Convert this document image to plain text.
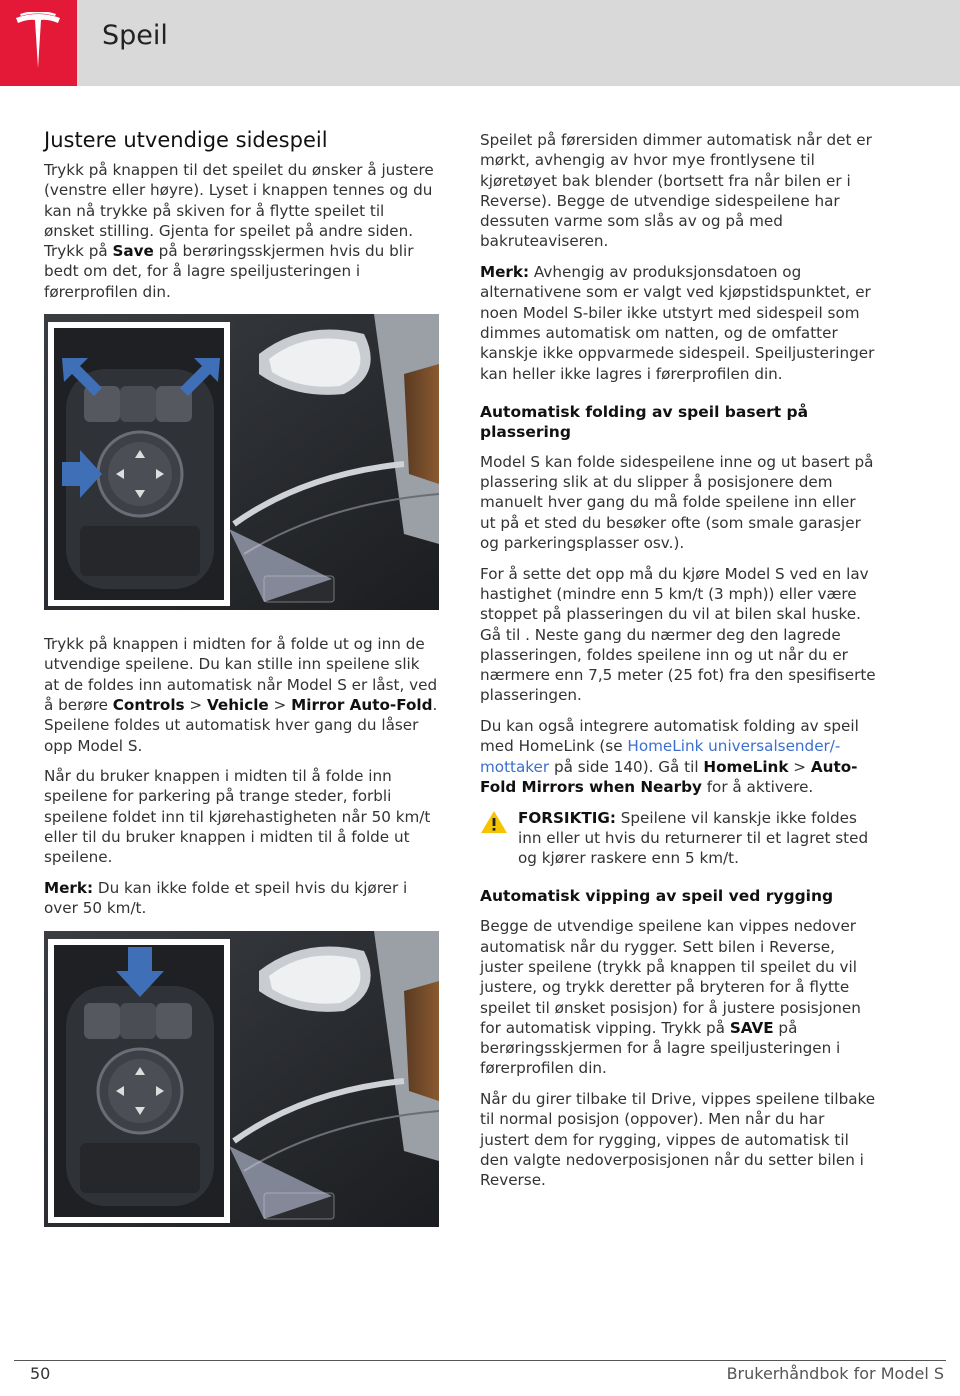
Speil
Justere utvendige sidespeil

Trykk på knappen til det speilet du ønsker å justere (venstre eller høyre). Lyset i knappen tennes og du kan nå trykke på skiven for å flytte speilet til ønsket stilling. Gjenta for speilet på andre siden. Trykk på Save på berøringsskjermen hvis du blir bedt om det, for å lagre speiljusteringen i førerprofilen din.

Trykk på knappen i midten for å folde ut og inn de utvendige speilene. Du kan stille inn speilene slik at de foldes inn automatisk når Model S er låst, ved å berøre Controls > Vehicle > Mirror Auto-Fold. Speilene foldes ut automatisk hver gang du låser opp Model S.

Når du bruker knappen i midten til å folde inn speilene for parkering på trange steder, forbli speilene foldet inn til kjørehastigheten når 50 km/t eller til du bruker knappen i midten til å folde ut speilene.

Merk: Du kan ikke folde et speil hvis du kjører i over 50 km/t.

Speilet på førersiden dimmer automatisk når det er mørkt, avhengig av hvor mye frontlysene til kjøretøyet bak blender (bortsett fra når bilen er i Reverse). Begge de utvendige sidespeilene har dessuten varme som slås av og på med bakruteaviseren.

Merk: Avhengig av produksjonsdatoen og alternativene som er valgt ved kjøpstidspunktet, er noen Model S-biler ikke utstyrt med sidespeil som dimmes automatisk om natten, og de omfatter kanskje ikke oppvarmede sidespeil. Speiljusteringer kan heller ikke lagres i førerprofilen din.

Automatisk folding av speil basert på plassering

Model S kan folde sidespeilene inne og ut basert på plassering slik at du slipper å posisjonere dem manuelt hver gang du må folde speilene inn eller ut på et sted du besøker ofte (som smale garasjer og parkeringsplasser osv.).

For å sette det opp må du kjøre Model S ved en lav hastighet (mindre enn 5 km/t (3 mph)) eller være stoppet på plasseringen du vil at bilen skal huske. Gå til . Neste gang du nærmer deg den lagrede plasseringen, foldes speilene inn og ut når du er nærmere enn 7,5 meter (25 fot) fra den spesifiserte plasseringen.

Du kan også integrere automatisk folding av speil med HomeLink (se HomeLink universalsender/-mottaker på side 140). Gå til HomeLink > Auto-Fold Mirrors when Nearby for å aktivere.

FORSIKTIG: Speilene vil kanskje ikke foldes inn eller ut hvis du returnerer til et lagret sted og kjører raskere enn 5 km/t.
Automatisk vipping av speil ved rygging

Begge de utvendige speilene kan vippes nedover automatisk når du rygger. Sett bilen i Reverse, juster speilene (trykk på knappen til speilet du vil justere, og trykk deretter på bryteren for å flytte speilet til ønsket posisjon) for å justere posisjonen for automatisk vipping. Trykk på SAVE på berøringsskjermen for å lagre speiljusteringen i førerprofilen din.

Når du girer tilbake til Drive, vippes speilene tilbake til normal posisjon (oppover). Men når du har justert dem for rygging, vippes de automatisk til den valgte nedoverposisjonen når du setter bilen i Reverse.

50	Brukerhåndbok for Model S
